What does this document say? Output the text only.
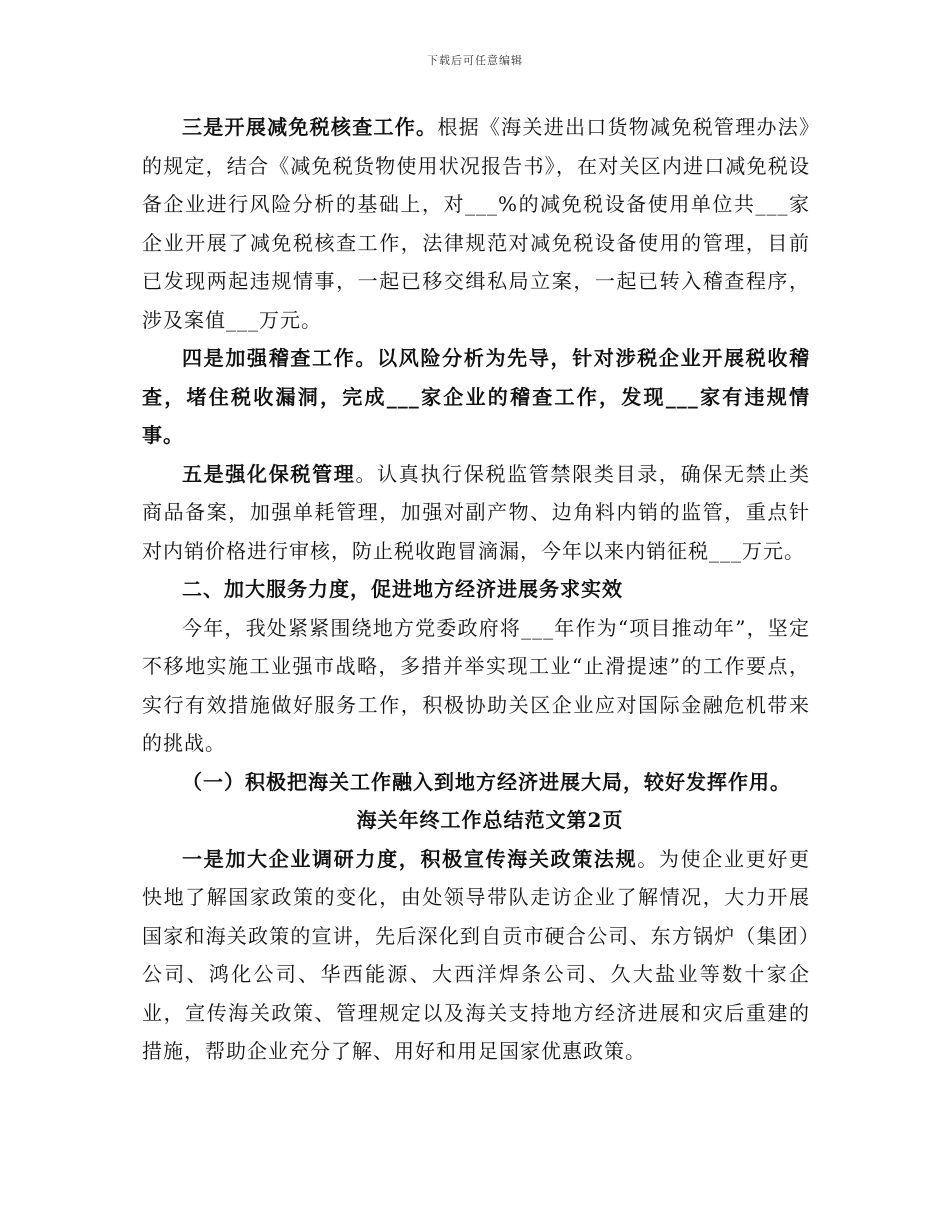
下载后可任意编辑

三是开展减免税核查工作。根据《海关进出口货物减免税管理办法》的规定，结合《减免税货物使用状况报告书》，在对关区内进口减免税设备企业进行风险分析的基础上，对___%的减免税设备使用单位共___家企业开展了减免税核查工作，法律规范对减免税设备使用的管理，目前已发现两起违规情事，一起已移交缉私局立案，一起已转入稽查程序，涉及案值___万元。

四是加强稽查工作。以风险分析为先导，针对涉税企业开展税收稽查，堵住税收漏洞，完成___家企业的稽查工作，发现___家有违规情事。

五是强化保税管理。认真执行保税监管禁限类目录，确保无禁止类商品备案，加强单耗管理，加强对副产物、边角料内销的监管，重点针对内销价格进行审核，防止税收跑冒滴漏，今年以来内销征税___万元。

二、加大服务力度，促进地方经济进展务求实效

今年，我处紧紧围绕地方党委政府将___年作为“项目推动年”，坚定不移地实施工业强市战略，多措并举实现工业“止滑提速”的工作要点，实行有效措施做好服务工作，积极协助关区企业应对国际金融危机带来的挑战。

（一）积极把海关工作融入到地方经济进展大局，较好发挥作用。

海关年终工作总结范文第2页

一是加大企业调研力度，积极宣传海关政策法规。为使企业更好更快地了解国家政策的变化，由处领导带队走访企业了解情况，大力开展国家和海关政策的宣讲，先后深化到自贡市硬合公司、东方锅炉（集团）公司、鸿化公司、华西能源、大西洋焊条公司、久大盐业等数十家企业，宣传海关政策、管理规定以及海关支持地方经济进展和灾后重建的措施，帮助企业充分了解、用好和用足国家优惠政策。
